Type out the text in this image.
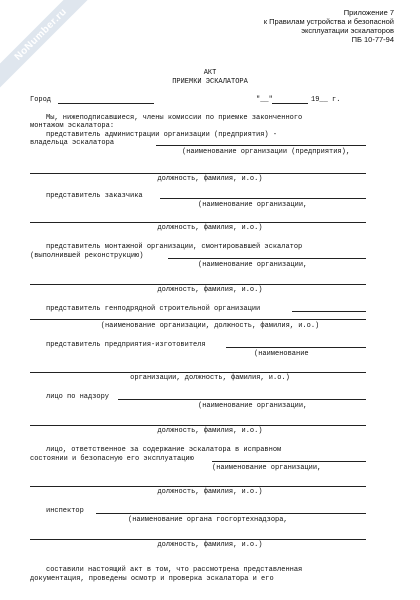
NoNumber.ru	Приложение 7
к Правилам устройства и безопасной
эксплуатации эскалаторов
ПБ 10-77-94
АКТ
ПРИЕМКИ ЭСКАЛАТОРА
Город	"__"	19__ г.
Мы, нижеподписавшиеся, члены комиссии по приемке законченного
монтажом эскалатора:
представитель администрации организации (предприятия) -
владельца эскалатора
(наименование организации (предприятия),
должность, фамилия, и.о.)
представитель заказчика
(наименование организации,
должность, фамилия, и.о.)
представитель монтажной организации, смонтировавшей эскалатор
(выполнившей реконструкцию)
(наименование организации,
должность, фамилия, и.о.)
представитель генподрядной строительной организации
(наименование организации, должность, фамилия, и.о.)
представитель предприятия-изготовителя
(наименование
организации, должность, фамилия, и.о.)
лицо по надзору
(наименование организации,
должность, фамилия, и.о.)
лицо, ответственное за содержание эскалатора в исправном
состоянии и безопасную его эксплуатацию
(наименование организации,
должность, фамилия, и.о.)
инспектор
(наименование органа госгортехнадзора,
должность, фамилия, и.о.)
составили настоящий акт в том, что рассмотрена представленная
документация, проведены осмотр и проверка эскалатора и его
